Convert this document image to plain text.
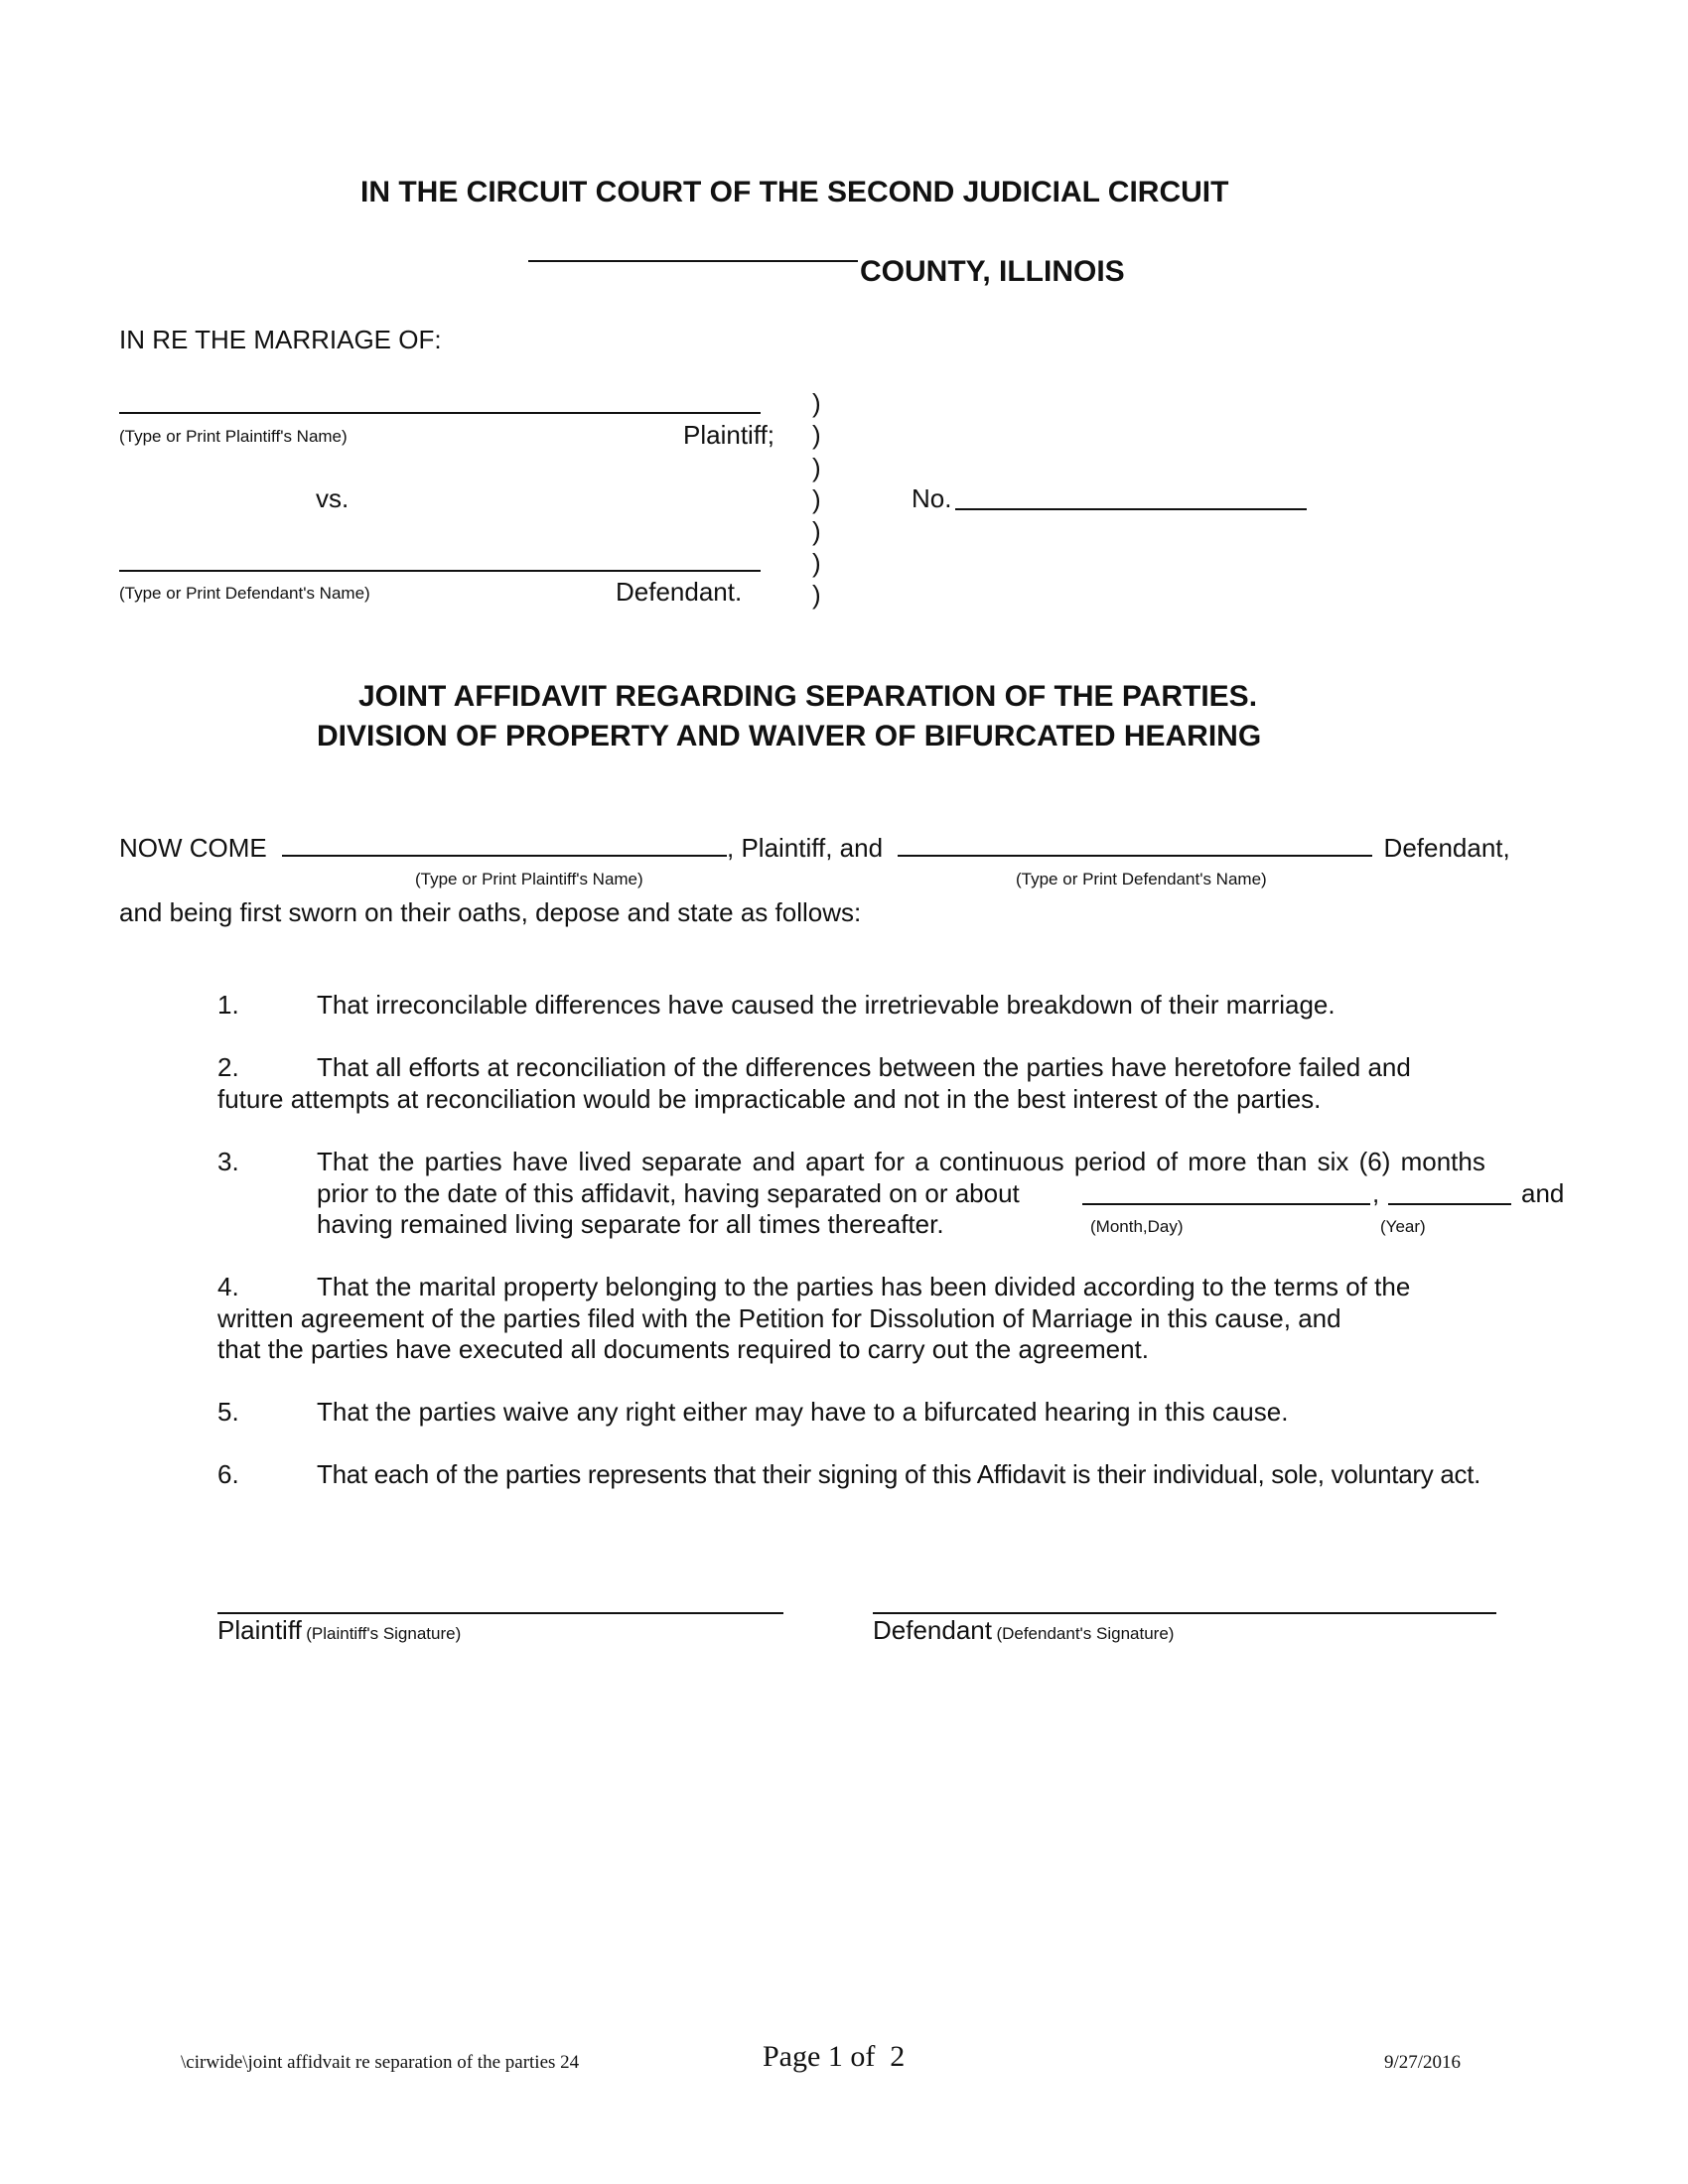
IN THE CIRCUIT COURT OF THE SECOND JUDICIAL CIRCUIT
COUNTY, ILLINOIS
IN RE THE MARRIAGE OF:
(Type or Print Plaintiff's Name)	Plaintiff;
vs.
(Type or Print Defendant's Name)	Defendant.
)
)
)
)
)
)
)
No.
JOINT AFFIDAVIT REGARDING SEPARATION OF THE PARTIES.
DIVISION OF PROPERTY AND WAIVER OF BIFURCATED HEARING
NOW COME	, Plaintiff, and	Defendant,
(Type or Print Plaintiff's Name)	(Type or Print Defendant's Name)
and being first sworn on their oaths, depose and state as follows:
1.	That irreconcilable differences have caused the irretrievable breakdown of their marriage.
2.	That all efforts at reconciliation of the differences between the parties have heretofore failed and
future attempts at reconciliation would be impracticable and not in the best interest of the parties.
3.	That the parties have lived separate and apart for a continuous period of more than six (6) months
prior to the date of this affidavit, having separated on or about	,	and
having remained living separate for all times thereafter.	(Month,Day)	(Year)
4.	That the marital property belonging to the parties has been divided according to the terms of the
written agreement of the parties filed with the Petition for Dissolution of Marriage in this cause, and
that the parties have executed all documents required to carry out the agreement.
5.	That the parties waive any right either may have to a bifurcated hearing in this cause.
6.	That each of the parties represents that their signing of this Affidavit is their individual, sole, voluntary act.
Plaintiff (Plaintiff's Signature)	Defendant (Defendant's Signature)
\cirwide\joint affidvait re separation of the parties 24	Page 1 of  2	9/27/2016
